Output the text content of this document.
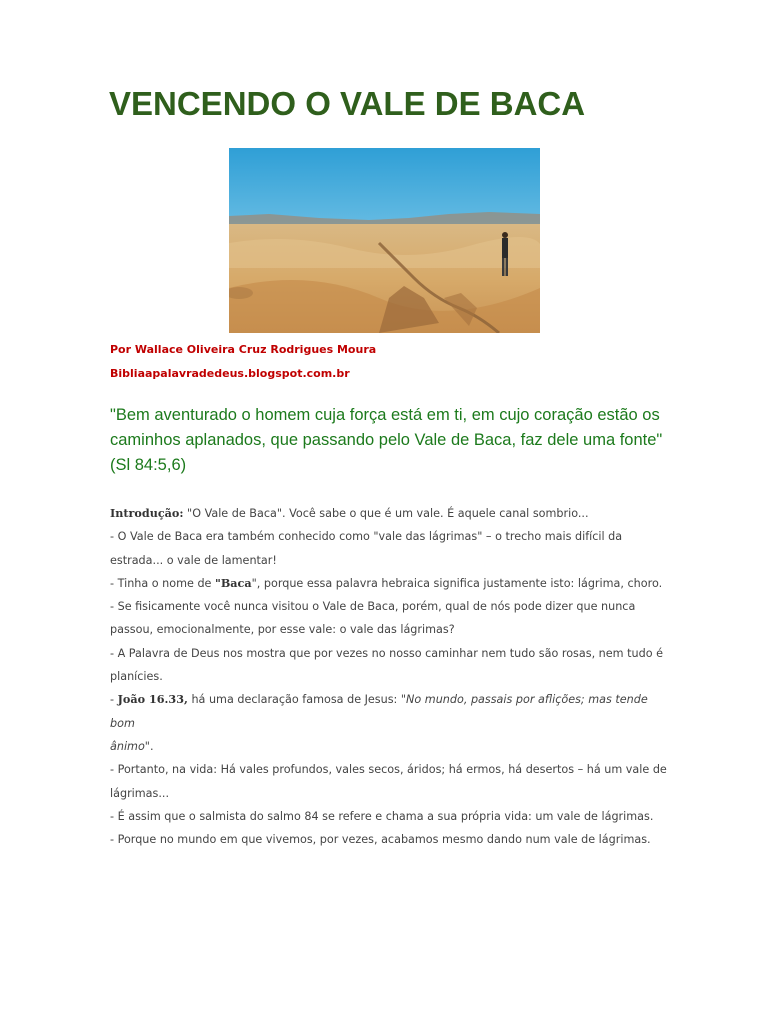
VENCENDO O VALE DE BACA
Por Wallace Oliveira Cruz Rodrigues Moura
Bibliaapalavradedeus.blogspot.com.br

"Bem aventurado o homem cuja força está em ti, em cujo coração estão os caminhos aplanados, que passando pelo Vale de Baca, faz dele uma fonte"(Sl 84:5,6)

Introdução: "O Vale de Baca". Você sabe o que é um vale. É aquele canal sombrio...

- O Vale de Baca era também conhecido como "vale das lágrimas" – o trecho mais difícil da estrada... o vale de lamentar!

- Tinha o nome de "Baca", porque essa palavra hebraica significa justamente isto: lágrima, choro.

- Se fisicamente você nunca visitou o Vale de Baca, porém, qual de nós pode dizer que nunca passou, emocionalmente, por esse vale: o vale das lágrimas?

- A Palavra de Deus nos mostra que por vezes no nosso caminhar nem tudo são rosas, nem tudo é planícies.

- João 16.33, há uma declaração famosa de Jesus: "No mundo, passais por aflições; mas tende bom
ânimo".

- Portanto, na vida: Há vales profundos, vales secos, áridos; há ermos, há desertos – há um vale de lágrimas...

- É assim que o salmista do salmo 84 se refere e chama a sua própria vida: um vale de lágrimas.

- Porque no mundo em que vivemos, por vezes, acabamos mesmo dando num vale de lágrimas.
